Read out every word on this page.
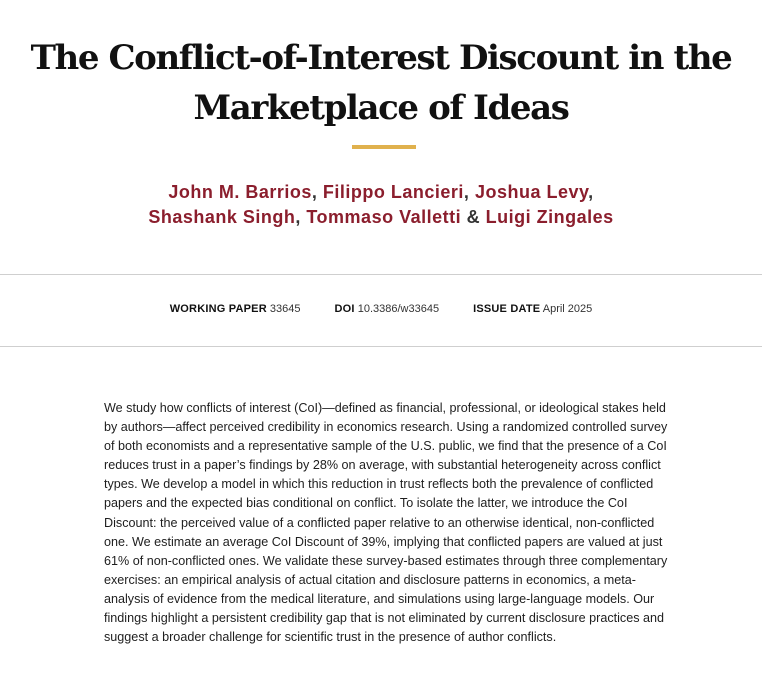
The Conflict-of-Interest Discount in the
Marketplace of Ideas
John M. Barrios, Filippo Lancieri, Joshua Levy,
Shashank Singh, Tommaso Valletti & Luigi Zingales
WORKING PAPER 33645	DOI 10.3386/w33645	ISSUE DATE April 2025

We study how conflicts of interest (CoI)—defined as financial, professional, or ideological stakes held by authors—affect perceived credibility in economics research. Using a randomized controlled survey of both economists and a representative sample of the U.S. public, we find that the presence of a CoI reduces trust in a paper’s findings by 28% on average, with substantial heterogeneity across conflict types. We develop a model in which this reduction in trust reflects both the prevalence of conflicted papers and the expected bias conditional on conflict. To isolate the latter, we introduce the CoI Discount: the perceived value of a conflicted paper relative to an otherwise identical, non-conflicted one. We estimate an average CoI Discount of 39%, implying that conflicted papers are valued at just 61% of non-conflicted ones. We validate these survey-based estimates through three complementary exercises: an empirical analysis of actual citation and disclosure patterns in economics, a meta-analysis of evidence from the medical literature, and simulations using large-language models. Our findings highlight a persistent credibility gap that is not eliminated by current disclosure practices and suggest a broader challenge for scientific trust in the presence of author conflicts.
